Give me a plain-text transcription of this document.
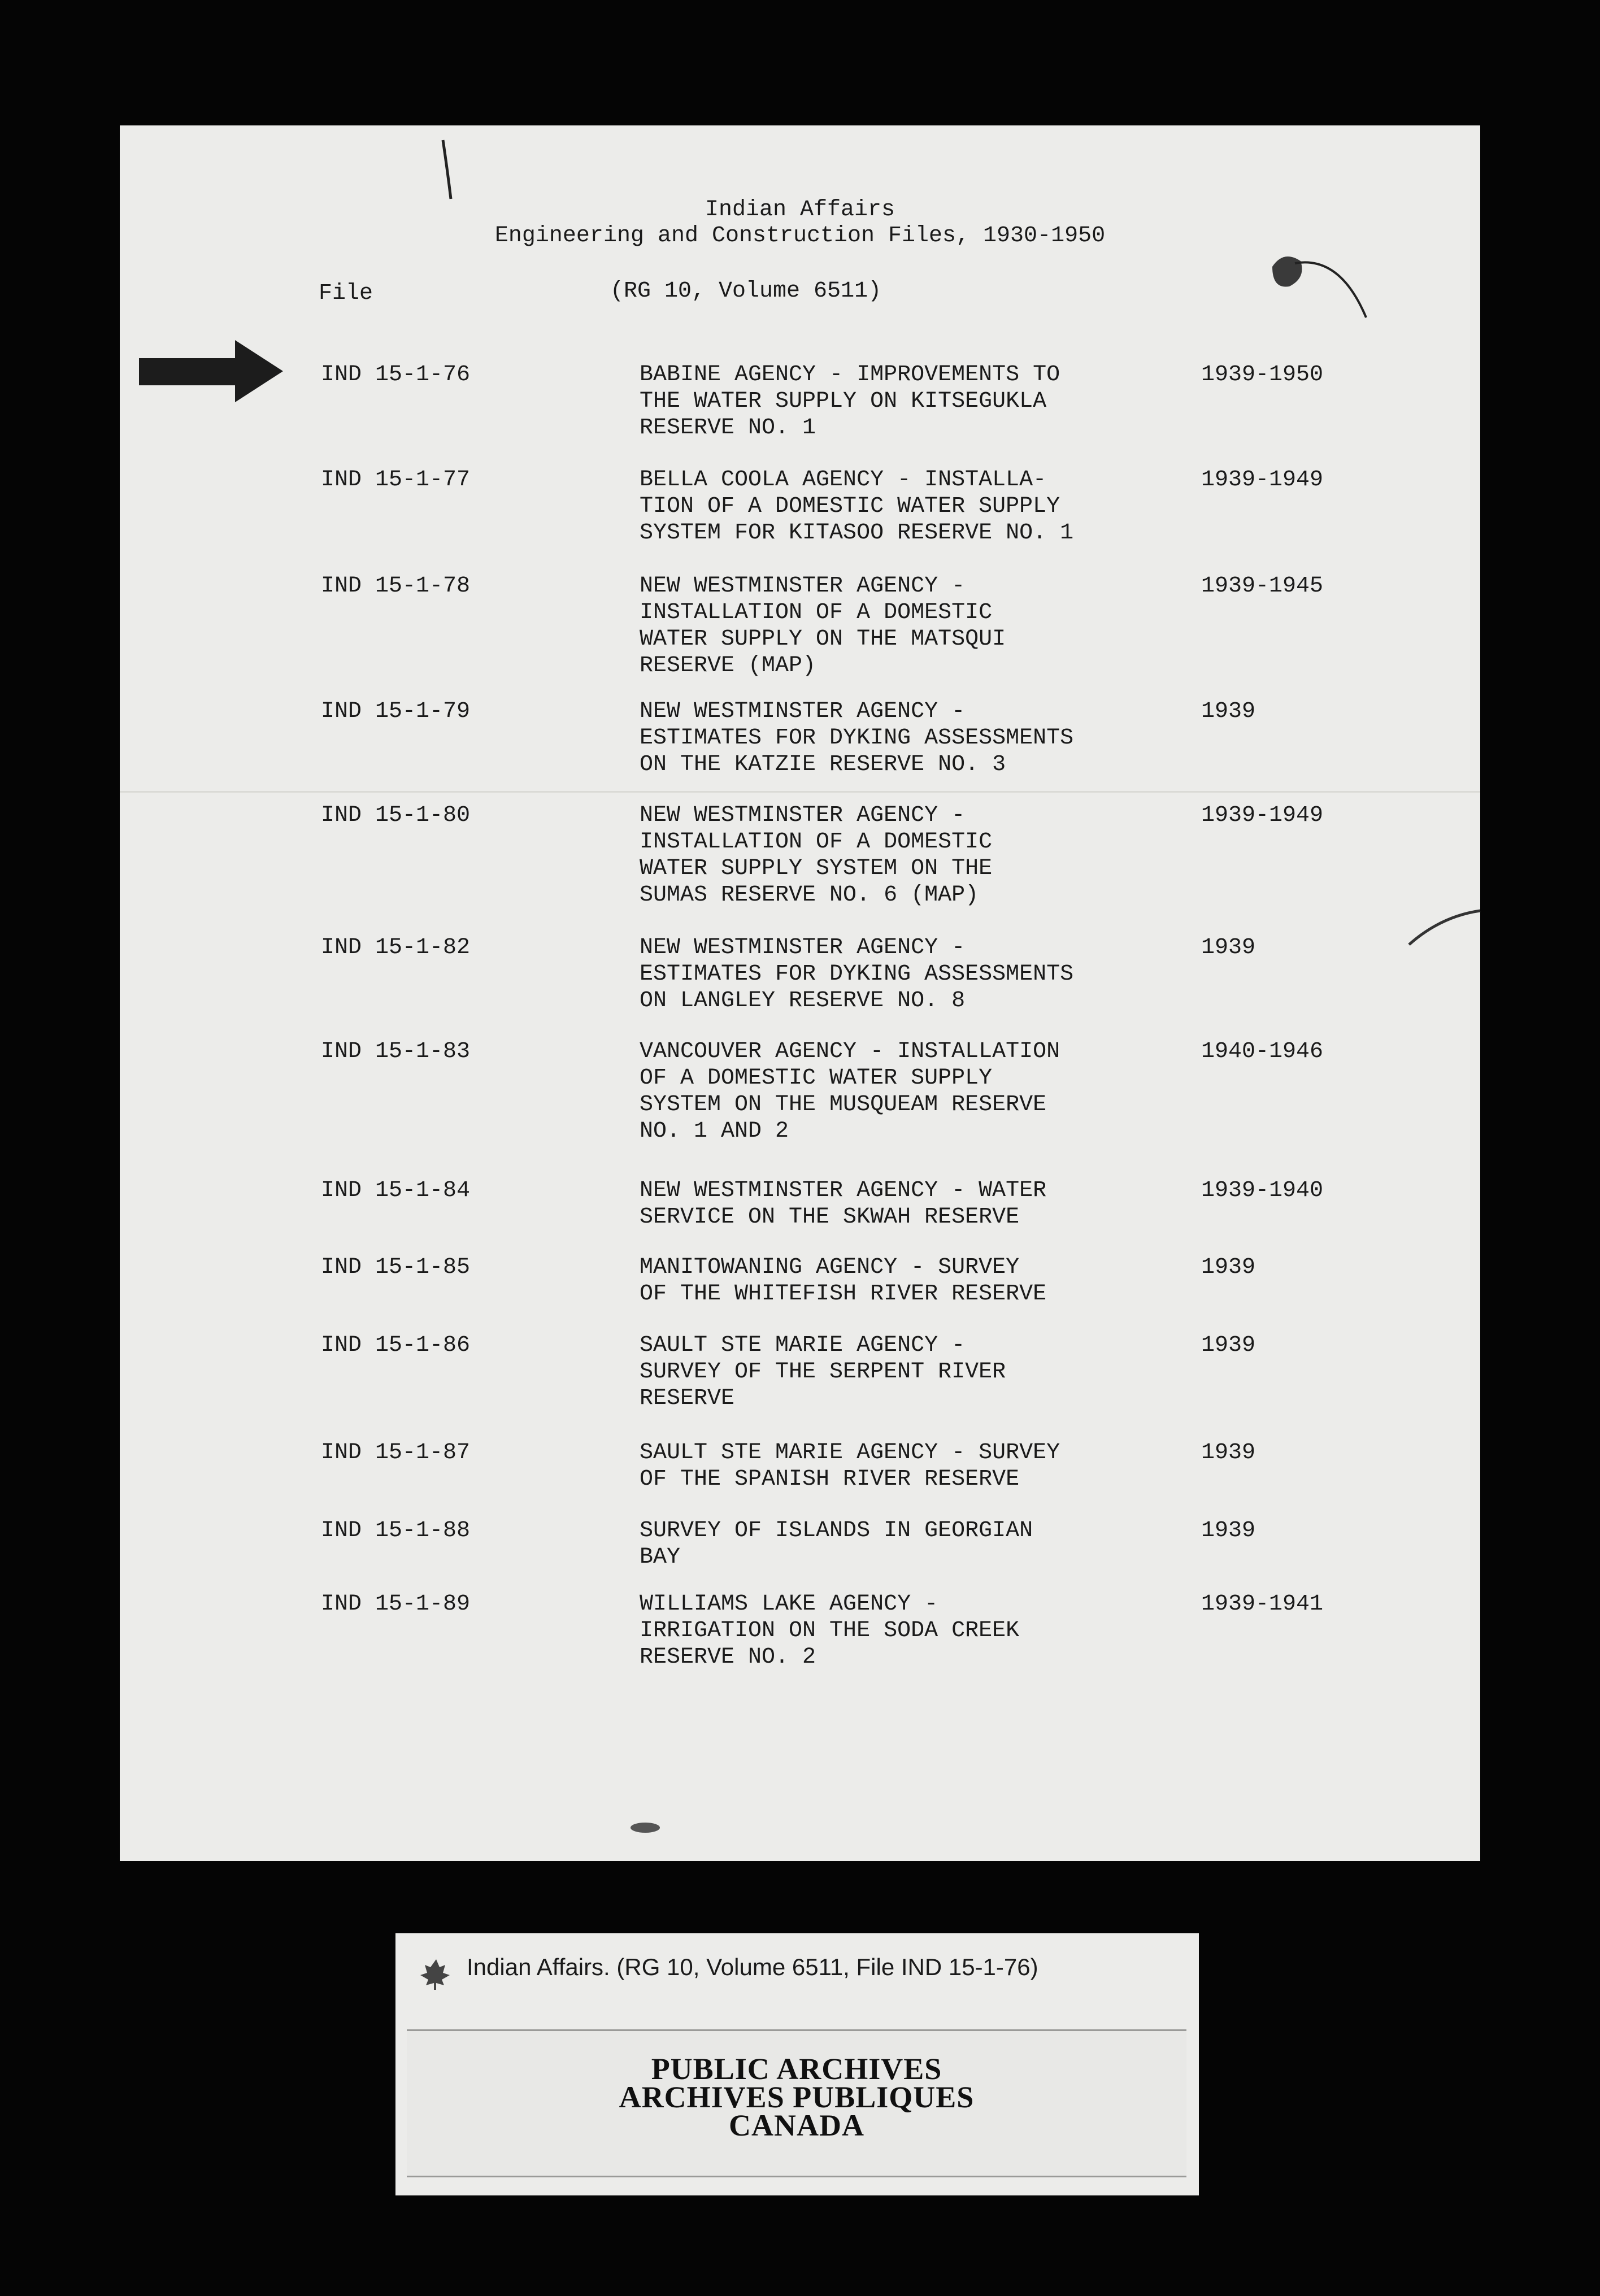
Indian Affairs
Engineering and Construction Files, 1930-1950
File	(RG 10, Volume 6511)
IND 15-1-76	BABINE AGENCY - IMPROVEMENTS TO
THE WATER SUPPLY ON KITSEGUKLA
RESERVE NO. 1
1939-1950
IND 15-1-77	BELLA COOLA AGENCY - INSTALLA-
TION OF A DOMESTIC WATER SUPPLY
SYSTEM FOR KITASOO RESERVE NO. 1
1939-1949
IND 15-1-78	NEW WESTMINSTER AGENCY -
INSTALLATION OF A DOMESTIC
WATER SUPPLY ON THE MATSQUI
RESERVE (MAP)
1939-1945
IND 15-1-79	NEW WESTMINSTER AGENCY -
ESTIMATES FOR DYKING ASSESSMENTS
ON THE KATZIE RESERVE NO. 3
1939
IND 15-1-80	NEW WESTMINSTER AGENCY -
INSTALLATION OF A DOMESTIC
WATER SUPPLY SYSTEM ON THE
SUMAS RESERVE NO. 6 (MAP)
1939-1949
IND 15-1-82	NEW WESTMINSTER AGENCY -
ESTIMATES FOR DYKING ASSESSMENTS
ON LANGLEY RESERVE NO. 8
1939
IND 15-1-83	VANCOUVER AGENCY - INSTALLATION
OF A DOMESTIC WATER SUPPLY
SYSTEM ON THE MUSQUEAM RESERVE
NO. 1 AND 2
1940-1946
IND 15-1-84	NEW WESTMINSTER AGENCY - WATER
SERVICE ON THE SKWAH RESERVE
1939-1940
IND 15-1-85	MANITOWANING AGENCY - SURVEY
OF THE WHITEFISH RIVER RESERVE
1939
IND 15-1-86	SAULT STE MARIE AGENCY -
SURVEY OF THE SERPENT RIVER
RESERVE
1939
IND 15-1-87	SAULT STE MARIE AGENCY - SURVEY
OF THE SPANISH RIVER RESERVE
1939
IND 15-1-88	SURVEY OF ISLANDS IN GEORGIAN
BAY
1939
IND 15-1-89	WILLIAMS LAKE AGENCY -
IRRIGATION ON THE SODA CREEK
RESERVE NO. 2
1939-1941
Indian Affairs. (RG 10, Volume 6511, File IND 15-1-76)
PUBLIC ARCHIVES
ARCHIVES PUBLIQUES
CANADA
